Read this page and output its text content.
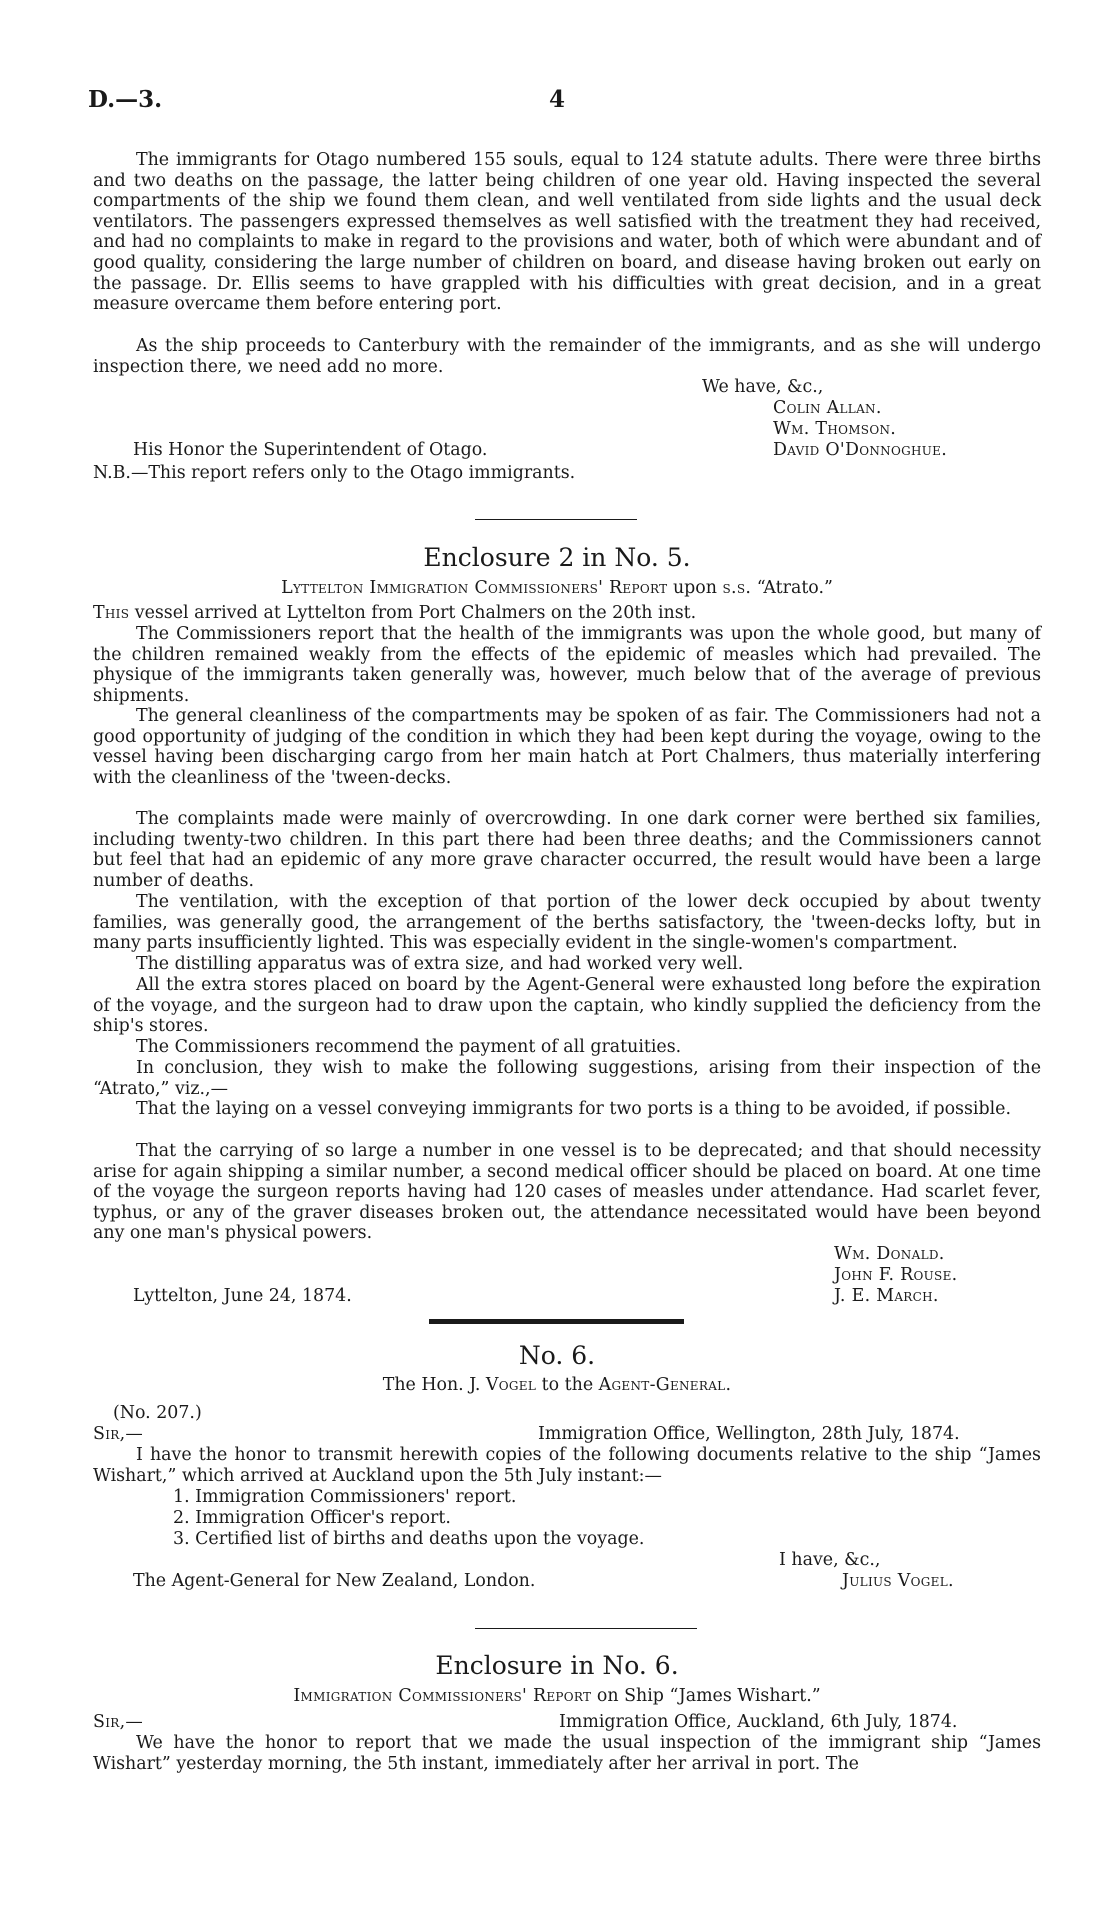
D.—3.	4
The immigrants for Otago numbered 155 souls, equal to 124 statute adults. There were three births and two deaths on the passage, the latter being children of one year old. Having inspected the several compartments of the ship we found them clean, and well ventilated from side lights and the usual deck ventilators. The passengers expressed themselves as well satisfied with the treatment they had received, and had no complaints to make in regard to the provisions and water, both of which were abundant and of good quality, considering the large number of children on board, and disease having broken out early on the passage. Dr. Ellis seems to have grappled with his difficulties with great decision, and in a great measure overcame them before entering port.
As the ship proceeds to Canterbury with the remainder of the immigrants, and as she will undergo inspection there, we need add no more.
We have, &c.,
Colin Allan.
Wm. Thomson.
David O'Donnoghue.
His Honor the Superintendent of Otago.
N.B.—This report refers only to the Otago immigrants.
Enclosure 2 in No. 5.
Lyttelton Immigration Commissioners' Report upon s.s. “Atrato.”
This vessel arrived at Lyttelton from Port Chalmers on the 20th inst.
The Commissioners report that the health of the immigrants was upon the whole good, but many of the children remained weakly from the effects of the epidemic of measles which had prevailed. The physique of the immigrants taken generally was, however, much below that of the average of previous shipments.
The general cleanliness of the compartments may be spoken of as fair. The Commissioners had not a good opportunity of judging of the condition in which they had been kept during the voyage, owing to the vessel having been discharging cargo from her main hatch at Port Chalmers, thus materially interfering with the cleanliness of the 'tween-decks.
The complaints made were mainly of overcrowding. In one dark corner were berthed six families, including twenty-two children. In this part there had been three deaths; and the Commissioners cannot but feel that had an epidemic of any more grave character occurred, the result would have been a large number of deaths.
The ventilation, with the exception of that portion of the lower deck occupied by about twenty families, was generally good, the arrangement of the berths satisfactory, the 'tween-decks lofty, but in many parts insufficiently lighted. This was especially evident in the single-women's compartment.
The distilling apparatus was of extra size, and had worked very well.
All the extra stores placed on board by the Agent-General were exhausted long before the expiration of the voyage, and the surgeon had to draw upon the captain, who kindly supplied the deficiency from the ship's stores.
The Commissioners recommend the payment of all gratuities.
In conclusion, they wish to make the following suggestions, arising from their inspection of the “Atrato,” viz.,—
That the laying on a vessel conveying immigrants for two ports is a thing to be avoided, if possible.
That the carrying of so large a number in one vessel is to be deprecated; and that should necessity arise for again shipping a similar number, a second medical officer should be placed on board. At one time of the voyage the surgeon reports having had 120 cases of measles under attendance. Had scarlet fever, typhus, or any of the graver diseases broken out, the attendance necessitated would have been beyond any one man's physical powers.
Wm. Donald.
John F. Rouse.
J. E. March.
Lyttelton, June 24, 1874.
No. 6.
The Hon. J. Vogel to the Agent-General.
(No. 207.)
Sir,—	Immigration Office, Wellington, 28th July, 1874.
I have the honor to transmit herewith copies of the following documents relative to the ship “James Wishart,” which arrived at Auckland upon the 5th July instant:—
1. Immigration Commissioners' report.
2. Immigration Officer's report.
3. Certified list of births and deaths upon the voyage.
I have, &c.,
The Agent-General for New Zealand, London.	Julius Vogel.
Enclosure in No. 6.
Immigration Commissioners' Report on Ship “James Wishart.”
Sir,—	Immigration Office, Auckland, 6th July, 1874.
We have the honor to report that we made the usual inspection of the immigrant ship “James Wishart” yesterday morning, the 5th instant, immediately after her arrival in port. The
